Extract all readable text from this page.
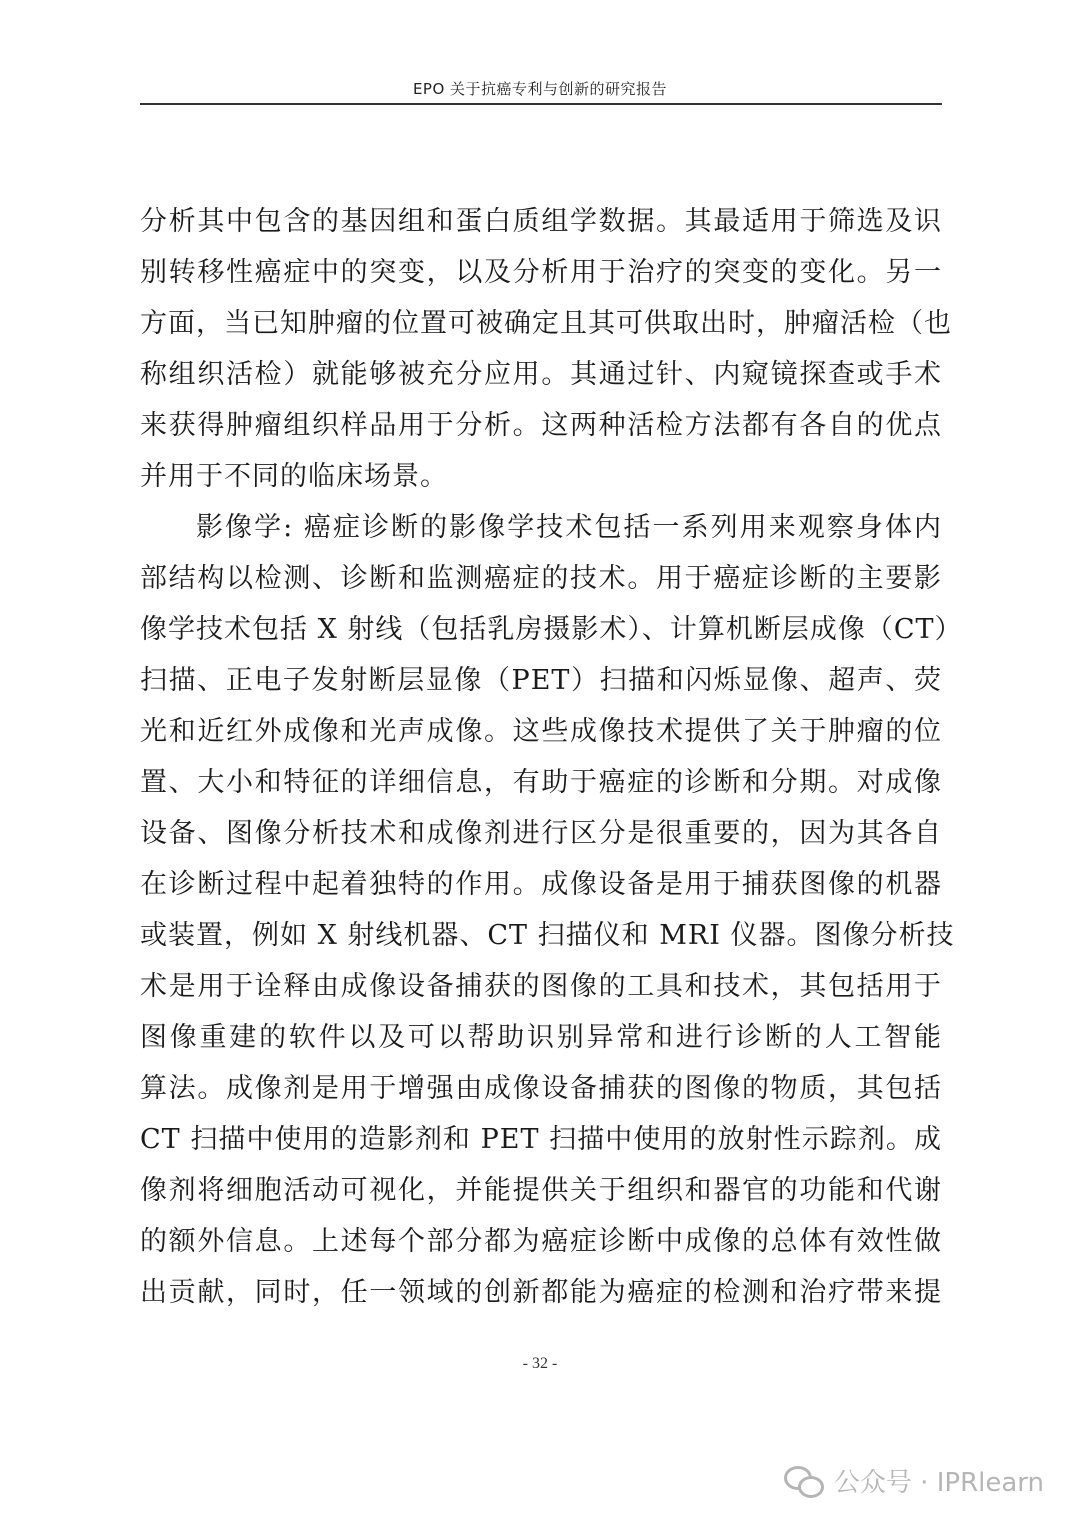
EPO 关于抗癌专利与创新的研究报告
分析其中包含的基因组和蛋白质组学数据。其最适用于筛选及识
别转移性癌症中的突变，以及分析用于治疗的突变的变化。另一
方面，当已知肿瘤的位置可被确定且其可供取出时，肿瘤活检（也
称组织活检）就能够被充分应用。其通过针、内窥镜探查或手术
来获得肿瘤组织样品用于分析。这两种活检方法都有各自的优点
并用于不同的临床场景。
影像学: 癌症诊断的影像学技术包括一系列用来观察身体内
部结构以检测、诊断和监测癌症的技术。用于癌症诊断的主要影
像学技术包括 X 射线（包括乳房摄影术）、计算机断层成像（CT）
扫描、正电子发射断层显像（PET）扫描和闪烁显像、超声、荧
光和近红外成像和光声成像。这些成像技术提供了关于肿瘤的位
置、大小和特征的详细信息，有助于癌症的诊断和分期。对成像
设备、图像分析技术和成像剂进行区分是很重要的，因为其各自
在诊断过程中起着独特的作用。成像设备是用于捕获图像的机器
或装置，例如 X 射线机器、CT 扫描仪和 MRI 仪器。图像分析技
术是用于诠释由成像设备捕获的图像的工具和技术，其包括用于
图像重建的软件以及可以帮助识别异常和进行诊断的人工智能
算法。成像剂是用于增强由成像设备捕获的图像的物质，其包括
CT 扫描中使用的造影剂和 PET 扫描中使用的放射性示踪剂。成
像剂将细胞活动可视化，并能提供关于组织和器官的功能和代谢
的额外信息。上述每个部分都为癌症诊断中成像的总体有效性做
出贡献，同时，任一领域的创新都能为癌症的检测和治疗带来提
- 32 -
公众号 · IPRlearn
